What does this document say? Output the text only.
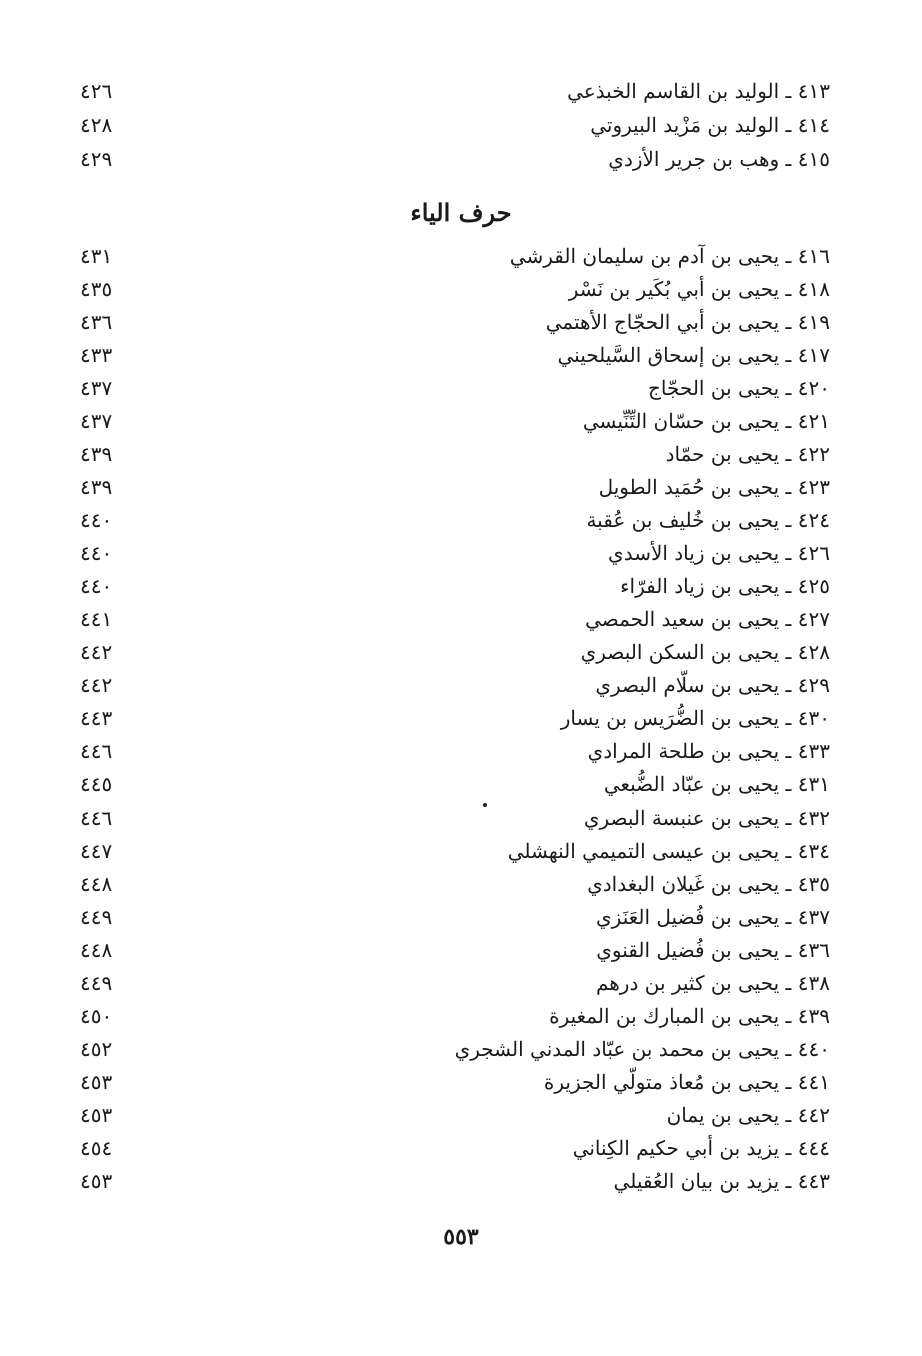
٤١٣ ـ الوليد بن القاسم الخبذعي
٤٢٦
٤١٤ ـ الوليد بن مَزْيد البيروتي
٤٢٨
٤١٥ ـ وهب بن جرير الأزدي
٤٢٩
حرف الياء
٤١٦ ـ يحيى بن آدم بن سليمان القرشي
٤٣١
٤١٨ ـ يحيى بن أبي بُكَير بن نَسْر
٤٣٥
٤١٩ ـ يحيى بن أبي الحجّاج الأهتمي
٤٣٦
٤١٧ ـ يحيى بن إسحاق السَّيلحيني
٤٣٣
٤٢٠ ـ يحيى بن الحجّاج
٤٣٧
٤٢١ ـ يحيى بن حسّان التِّنِّيسي
٤٣٧
٤٢٢ ـ يحيى بن حمّاد
٤٣٩
٤٢٣ ـ يحيى بن حُمَيد الطويل
٤٣٩
٤٢٤ ـ يحيى بن خُليف بن عُقبة
٤٤٠
٤٢٦ ـ يحيى بن زياد الأسدي
٤٤٠
٤٢٥ ـ يحيى بن زياد الفرّاء
٤٤٠
٤٢٧ ـ يحيى بن سعيد الحمصي
٤٤١
٤٢٨ ـ يحيى بن السكن البصري
٤٤٢
٤٢٩ ـ يحيى بن سلّام البصري
٤٤٢
٤٣٠ ـ يحيى بن الضُّرَيس بن يسار
٤٤٣
٤٣٣ ـ يحيى بن طلحة المرادي
٤٤٦
٤٣١ ـ يحيى بن عبّاد الضُّبعي
٤٤٥
٤٣٢ ـ يحيى بن عنبسة البصري
٤٤٦
٤٣٤ ـ يحيى بن عيسى التميمي النهشلي
٤٤٧
٤٣٥ ـ يحيى بن غَيلان البغدادي
٤٤٨
٤٣٧ ـ يحيى بن فُضيل العَنَزي
٤٤٩
٤٣٦ ـ يحيى بن فُضيل القنوي
٤٤٨
٤٣٨ ـ يحيى بن كثير بن درهم
٤٤٩
٤٣٩ ـ يحيى بن المبارك بن المغيرة
٤٥٠
٤٤٠ ـ يحيى بن محمد بن عبّاد المدني الشجري
٤٥٢
٤٤١ ـ يحيى بن مُعاذ متولّي الجزيرة
٤٥٣
٤٤٢ ـ يحيى بن يمان
٤٥٣
٤٤٤ ـ يزيد بن أبي حكيم الكِناني
٤٥٤
٤٤٣ ـ يزيد بن بيان العُقيلي
٤٥٣
٥٥٣
